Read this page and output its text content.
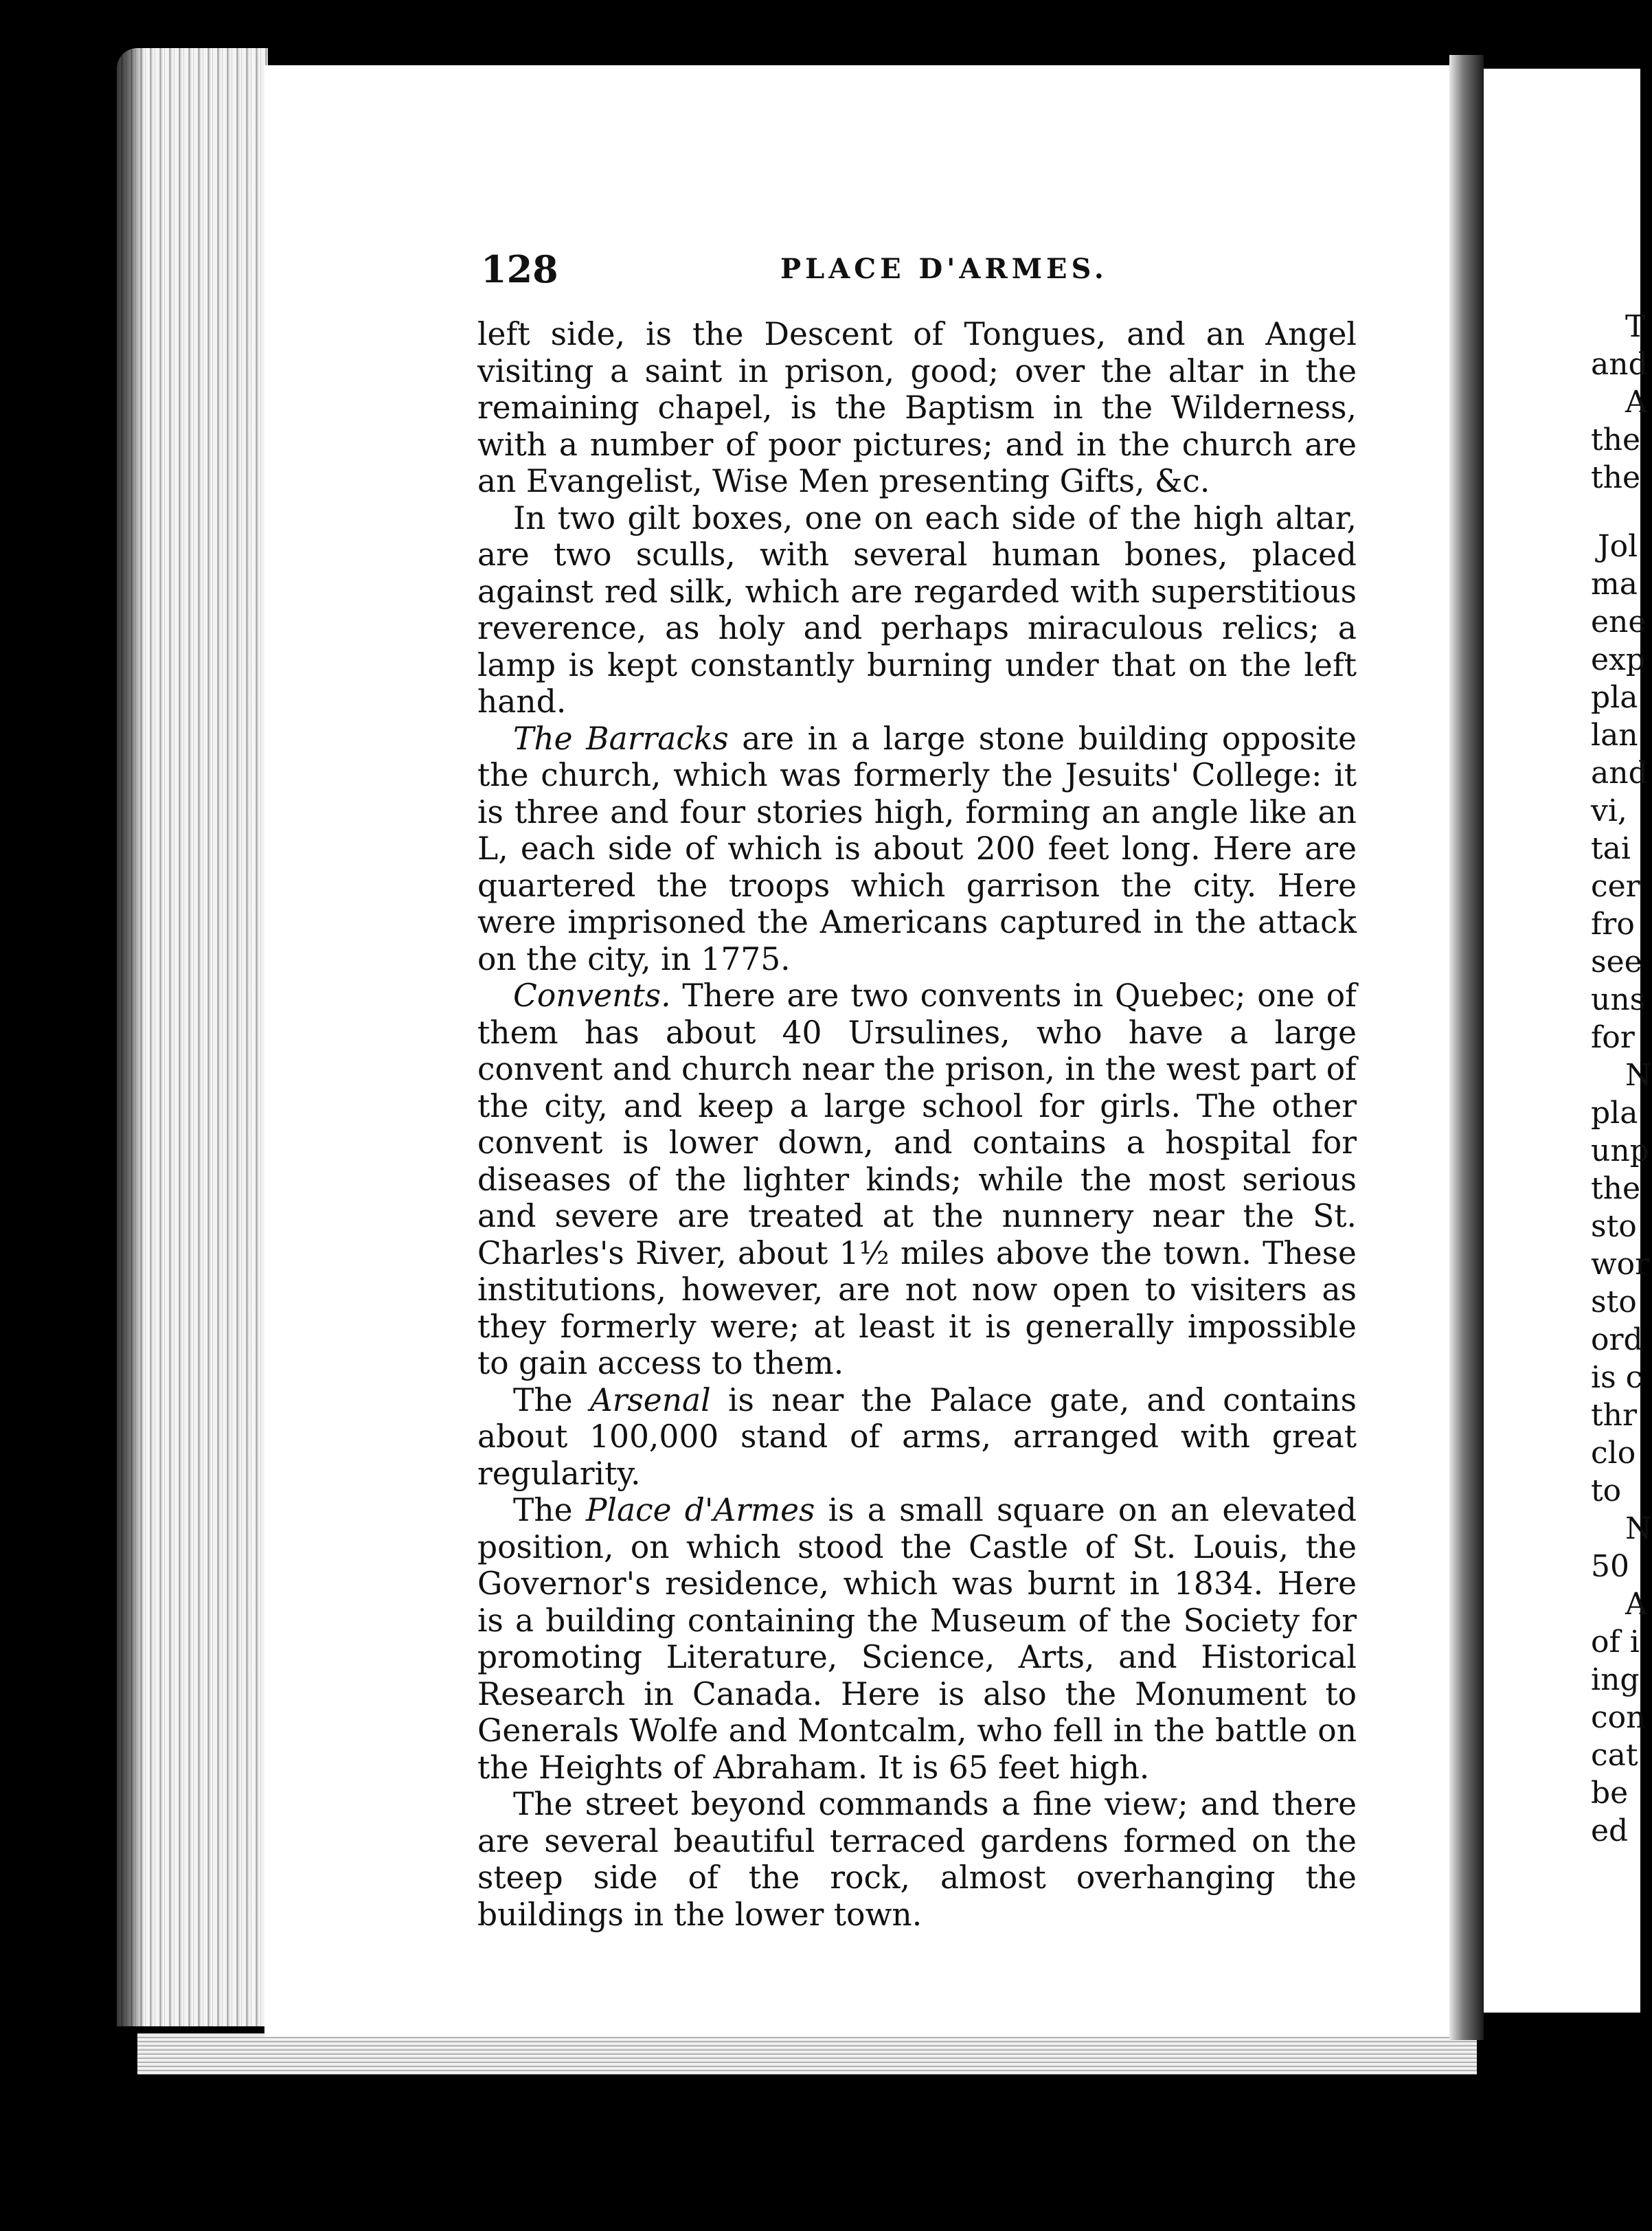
128	PLACE D'ARMES.

left side, is the Descent of Tongues, and an Angel visiting a saint in prison, good; over the altar in the remaining chapel, is the Baptism in the Wilderness, with a number of poor pictures; and in the church are an Evangelist, Wise Men presenting Gifts, &c.

In two gilt boxes, one on each side of the high altar, are two sculls, with several human bones, placed against red silk, which are regarded with superstitious reverence, as holy and perhaps miraculous relics; a lamp is kept constantly burning under that on the left hand.

The Barracks are in a large stone building opposite the church, which was formerly the Jesuits' College: it is three and four stories high, forming an angle like an L, each side of which is about 200 feet long. Here are quartered the troops which garrison the city. Here were imprisoned the Americans captured in the attack on the city, in 1775.

Convents. There are two convents in Quebec; one of them has about 40 Ursulines, who have a large convent and church near the prison, in the west part of the city, and keep a large school for girls. The other convent is lower down, and contains a hospital for diseases of the lighter kinds; while the most serious and severe are treated at the nunnery near the St. Charles's River, about 1½ miles above the town. These institutions, however, are not now open to visiters as they formerly were; at least it is generally impossible to gain access to them.

The Arsenal is near the Palace gate, and contains about 100,000 stand of arms, arranged with great regularity.

The Place d'Armes is a small square on an elevated position, on which stood the Castle of St. Louis, the Governor's residence, which was burnt in 1834. Here is a building containing the Museum of the Society for promoting Literature, Science, Arts, and Historical Research in Canada. Here is also the Monument to Generals Wolfe and Montcalm, who fell in the battle on the Heights of Abraham. It is 65 feet high.

The street beyond commands a fine view; and there are several beautiful terraced gardens formed on the steep side of the rock, almost overhanging the buildings in the lower town.

T
and
A
the
the
Jol
ma
ene
exp
pla
lan
and
vi,
tai
cer
fro
see
uns
for
N
pla
unp
the
sto
wor
sto
ord
is c
thr
clo
to
N
50
A
of i
ing
con
cat
be
ed
